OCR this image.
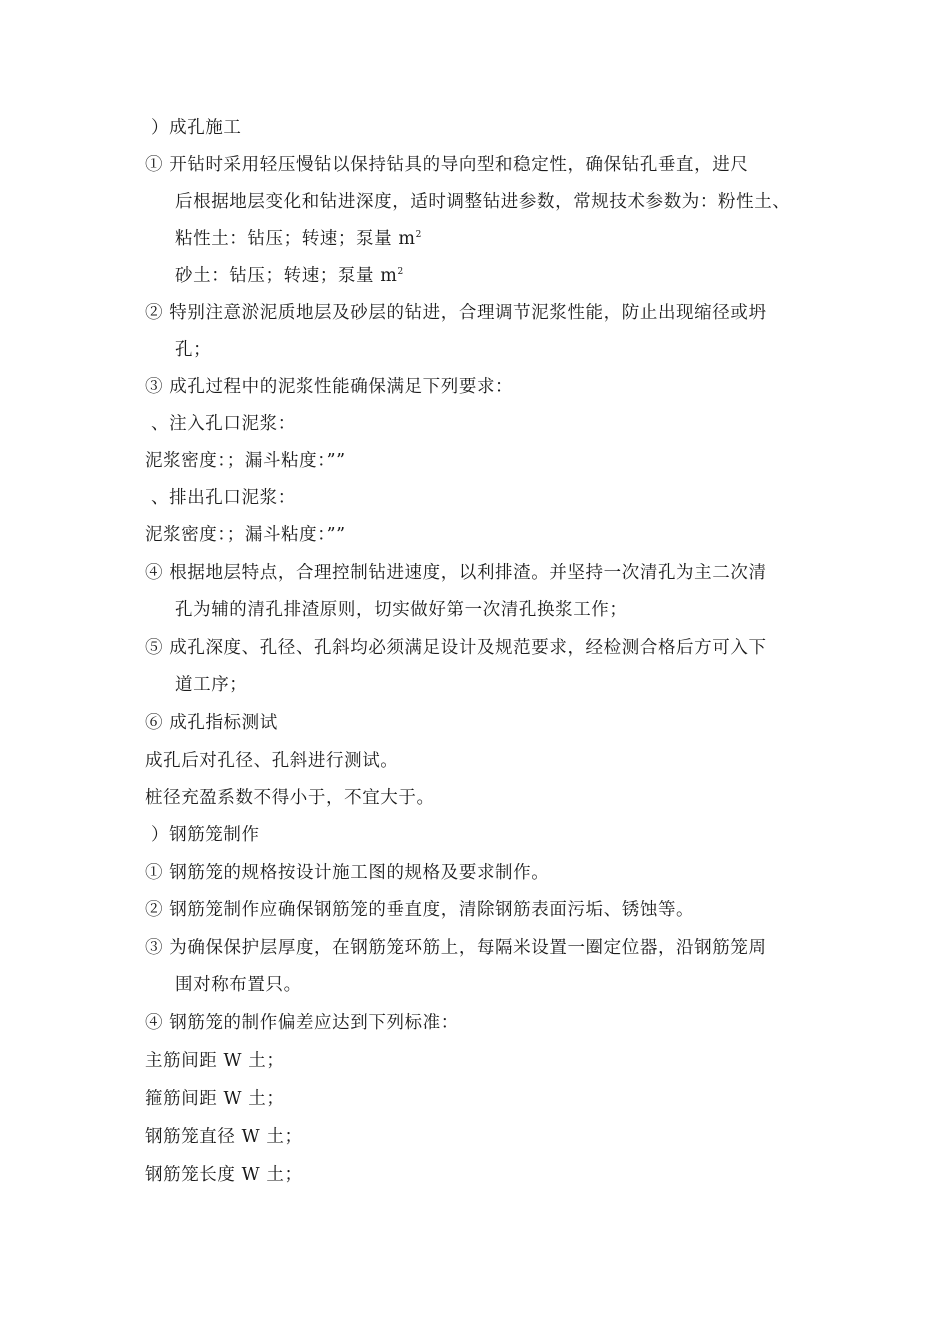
）成孔施工

① 开钻时采用轻压慢钻以保持钻具的导向型和稳定性，确保钻孔垂直，进尺

后根据地层变化和钻进深度，适时调整钻进参数，常规技术参数为：粉性土、

粘性土：钻压；转速；泵量 $m^2$

砂土：钻压；转速；泵量 $m^2$

② 特别注意淤泥质地层及砂层的钻进，合理调节泥浆性能，防止出现缩径或坍

孔；

③ 成孔过程中的泥浆性能确保满足下列要求：

、注入孔口泥浆：

泥浆密度：；漏斗粘度：””

、排出孔口泥浆：

泥浆密度：；漏斗粘度：””

④ 根据地层特点，合理控制钻进速度，以利排渣。并坚持一次清孔为主二次清

孔为辅的清孔排渣原则，切实做好第一次清孔换浆工作；

⑤ 成孔深度、孔径、孔斜均必须满足设计及规范要求，经检测合格后方可入下

道工序；

⑥ 成孔指标测试

成孔后对孔径、孔斜进行测试。

桩径充盈系数不得小于，不宜大于。

）钢筋笼制作

① 钢筋笼的规格按设计施工图的规格及要求制作。

② 钢筋笼制作应确保钢筋笼的垂直度，清除钢筋表面污垢、锈蚀等。

③ 为确保保护层厚度，在钢筋笼环筋上，每隔米设置一圈定位器，沿钢筋笼周

围对称布置只。

④ 钢筋笼的制作偏差应达到下列标准：

主筋间距 W 土；

箍筋间距 W 土；

钢筋笼直径 W 土；

钢筋笼长度 W 土；
